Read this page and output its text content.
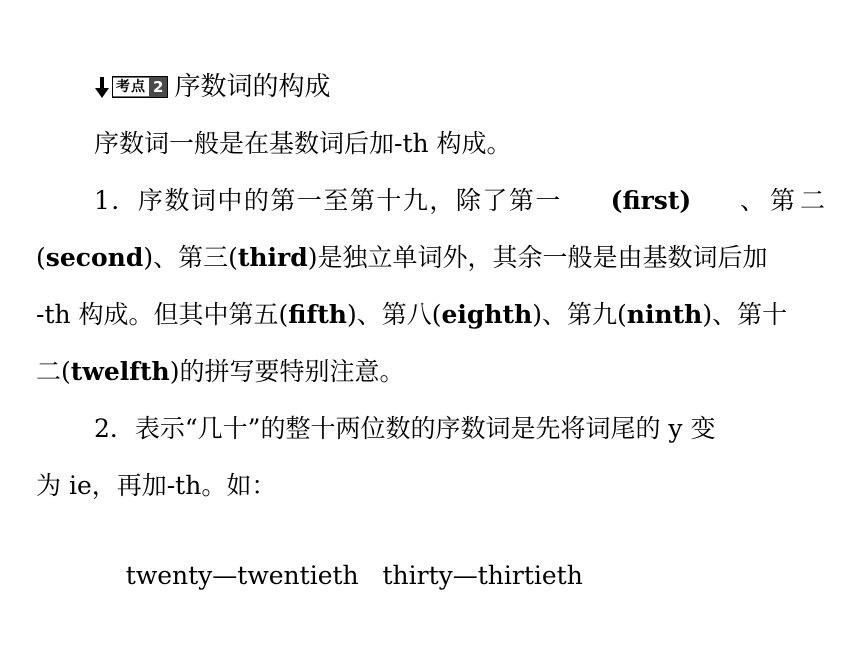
考点 2 序数词的构成
序数词一般是在基数词后加-th 构成。
1．序数词中的第一至第十九，除了第一 (first) 、第二
(second)、第三(third)是独立单词外，其余一般是由基数词后加
-th 构成。但其中第五(fifth)、第八(eighth)、第九(ninth)、第十
二(twelfth)的拼写要特别注意。
2．表示“几十”的整十两位数的序数词是先将词尾的 y 变
为 ie，再加-th。如：

twenty—twentieth   thirty—thirtieth
